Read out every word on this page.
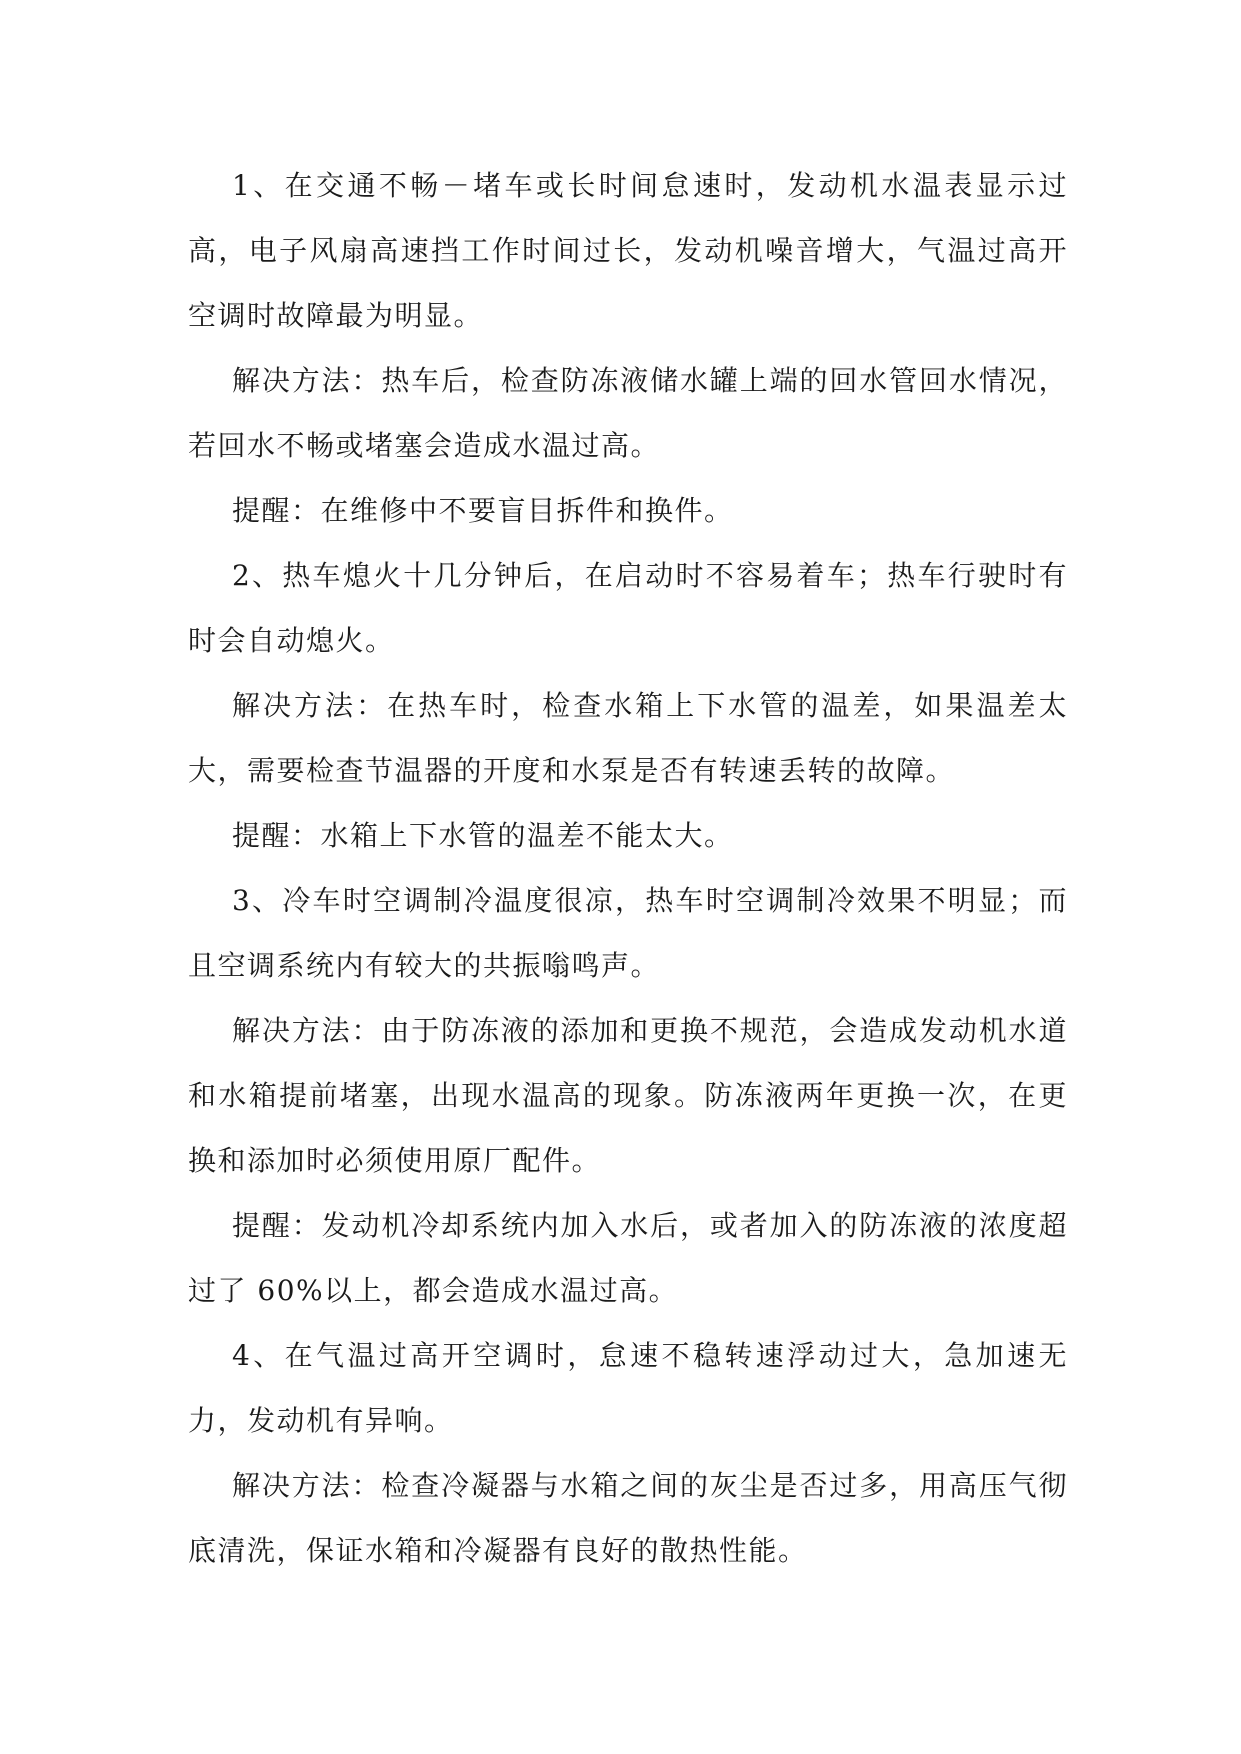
1、在交通不畅－堵车或长时间怠速时，发动机水温表显示过高，电子风扇高速挡工作时间过长，发动机噪音增大，气温过高开空调时故障最为明显。

解决方法：热车后，检查防冻液储水罐上端的回水管回水情况，若回水不畅或堵塞会造成水温过高。

提醒：在维修中不要盲目拆件和换件。

2、热车熄火十几分钟后，在启动时不容易着车；热车行驶时有时会自动熄火。

解决方法：在热车时，检查水箱上下水管的温差，如果温差太大，需要检查节温器的开度和水泵是否有转速丢转的故障。

提醒：水箱上下水管的温差不能太大。

3、冷车时空调制冷温度很凉，热车时空调制冷效果不明显；而且空调系统内有较大的共振嗡鸣声。

解决方法：由于防冻液的添加和更换不规范，会造成发动机水道和水箱提前堵塞，出现水温高的现象。防冻液两年更换一次，在更换和添加时必须使用原厂配件。

提醒：发动机冷却系统内加入水后，或者加入的防冻液的浓度超过了 60%以上，都会造成水温过高。

4、在气温过高开空调时，怠速不稳转速浮动过大，急加速无力，发动机有异响。

解决方法：检查冷凝器与水箱之间的灰尘是否过多，用高压气彻底清洗，保证水箱和冷凝器有良好的散热性能。
